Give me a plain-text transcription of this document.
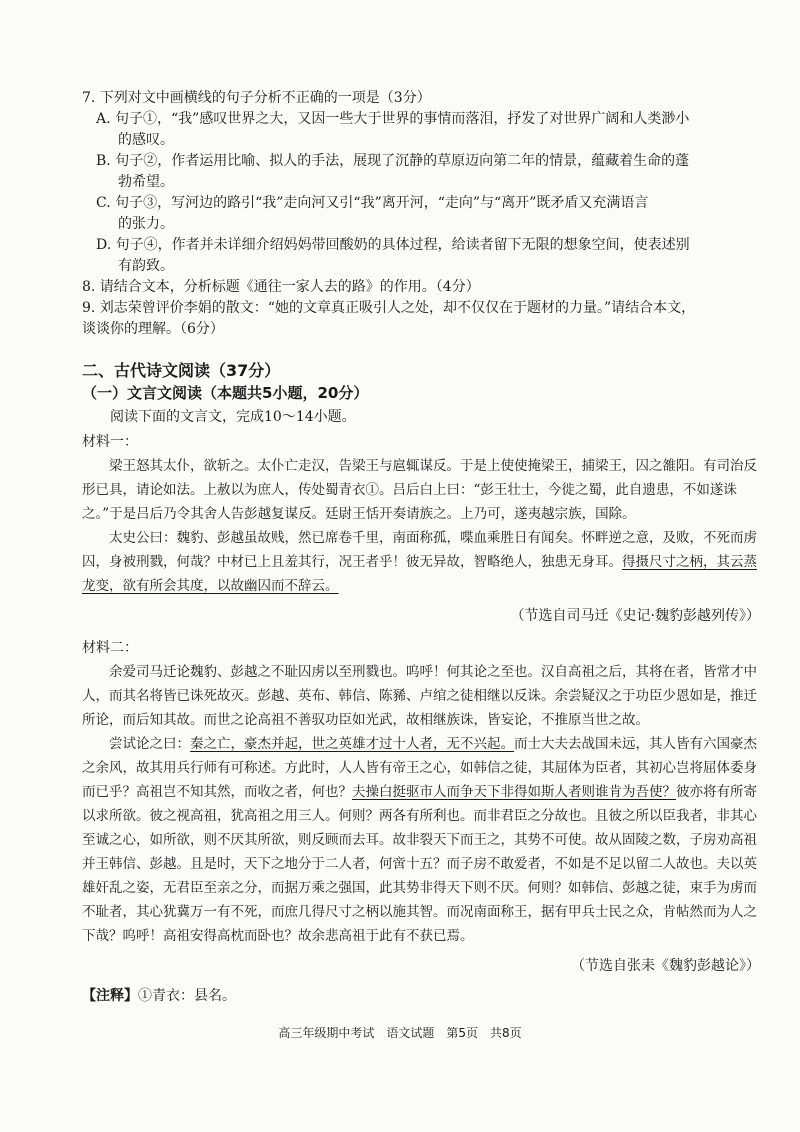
7. 下列对文中画横线的句子分析不正确的一项是（3分）

A. 句子①，“我”感叹世界之大，又因一些大于世界的事情而落泪，抒发了对世界广阔和人类渺小

的感叹。

B. 句子②，作者运用比喻、拟人的手法，展现了沉静的草原迈向第二年的情景，蕴藏着生命的蓬

勃希望。

C. 句子③，写河边的路引“我”走向河又引“我”离开河，“走向”与“离开”既矛盾又充满语言

的张力。

D. 句子④，作者并未详细介绍妈妈带回酸奶的具体过程，给读者留下无限的想象空间，使表述别

有韵致。

8. 请结合文本，分析标题《通往一家人去的路》的作用。（4分）

9. 刘志荣曾评价李娟的散文：“她的文章真正吸引人之处，却不仅仅在于题材的力量。”请结合本文，

谈谈你的理解。（6分）

二、古代诗文阅读（37分）

（一）文言文阅读（本题共5小题，20分）

阅读下面的文言文，完成10～14小题。

材料一：

梁王怒其太仆，欲斩之。太仆亡走汉，告梁王与扈辄谋反。于是上使使掩梁王，捕梁王，囚之雒阳。有司治反形已具，请论如法。上赦以为庶人，传处蜀青衣①。吕后白上曰：“彭王壮士，今徙之蜀，此自遗患，不如遂诛之。”于是吕后乃令其舍人告彭越复谋反。廷尉王恬开奏请族之。上乃可，遂夷越宗族，国除。

太史公曰：魏豹、彭越虽故贱，然已席卷千里，南面称孤，喋血乘胜日有闻矣。怀畔逆之意，及败，不死而虏囚，身被刑戮，何哉？中材已上且羞其行，况王者乎！彼无异故，智略绝人，独患无身耳。得摄尺寸之柄，其云蒸龙变，欲有所会其度，以故幽囚而不辞云。

（节选自司马迁《史记·魏豹彭越列传》）

材料二：

余爱司马迁论魏豹、彭越之不耻囚虏以至刑戮也。呜呼！何其论之至也。汉自高祖之后，其将在者，皆常才中人，而其名将皆已诛死故灭。彭越、英布、韩信、陈豨、卢绾之徒相继以反诛。余尝疑汉之于功臣少恩如是，推迁所论，而后知其故。而世之论高祖不善驭功臣如光武，故相继族诛，皆妄论，不推原当世之故。

尝试论之曰：秦之亡，豪杰并起，世之英雄才过十人者，无不兴起。而士大夫去战国未远，其人皆有六国豪杰之余风，故其用兵行师有可称述。方此时，人人皆有帝王之心，如韩信之徒，其屈体为臣者，其初心岂将屈体委身而已乎？高祖岂不知其然，而收之者，何也？夫操白挺驱市人而争天下非得如斯人者则谁肯为吾使？彼亦将有所寄以求所欲。彼之视高祖，犹高祖之用三人。何则？两各有所利也。而非君臣之分故也。且彼之所以臣我者，非其心至诚之心，如所欲，则不厌其所欲，则反顾而去耳。故非裂天下而王之，其势不可使。故从固陵之数，子房劝高祖并王韩信、彭越。且是时，天下之地分于二人者，何啻十五？而子房不敢爱者，不如是不足以留二人故也。夫以英雄奸乱之姿，无君臣至亲之分，而据万乘之强国，此其势非得天下则不厌。何则？如韩信、彭越之徒，束手为虏而不耻者，其心犹冀万一有不死，而庶几得尺寸之柄以施其智。而况南面称王，据有甲兵士民之众，肯帖然而为人之下哉？呜呼！高祖安得高枕而卧也？故余悲高祖于此有不获已焉。

（节选自张耒《魏豹彭越论》）

【注释】①青衣：县名。

高三年级期中考试　语文试题　第5页　共8页
